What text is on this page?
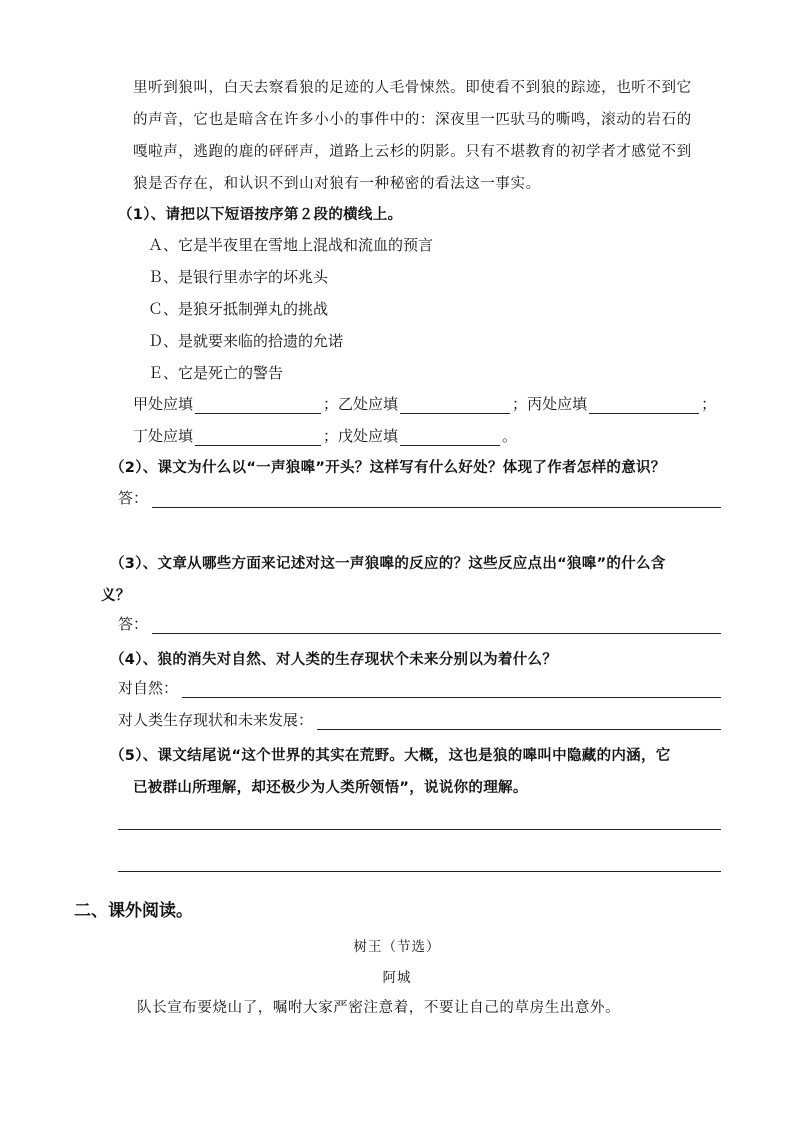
里听到狼叫，白天去察看狼的足迹的人毛骨悚然。即使看不到狼的踪迹，也听不到它

的声音，它也是暗含在许多小小的事件中的：深夜里一匹驮马的嘶鸣，滚动的岩石的

嘎啦声，逃跑的鹿的砰砰声，道路上云杉的阴影。只有不堪教育的初学者才感觉不到

狼是否存在，和认识不到山对狼有一种秘密的看法这一事实。

（1）、请把以下短语按序第２段的横线上。
Ａ、它是半夜里在雪地上混战和流血的预言
Ｂ、是银行里赤字的坏兆头
Ｃ、是狼牙抵制弹丸的挑战
Ｄ、是就要来临的拾遗的允诺
Ｅ、它是死亡的警告
甲处应填	； 乙处应填	； 丙处应填	；
丁处应填	； 戊处应填	。
（2）、课文为什么以“一声狼嗥”开头？这样写有什么好处？体现了作者怎样的意识？
答：
（3）、文章从哪些方面来记述对这一声狼嗥的反应的？这些反应点出“狼嗥”的什么含
义？
答：
（4）、狼的消失对自然、对人类的生存现状个未来分别以为着什么？
对自然：
对人类生存现状和未来发展：
（5）、课文结尾说“这个世界的其实在荒野。大概，这也是狼的嗥叫中隐藏的内涵，它
已被群山所理解，却还极少为人类所领悟”，说说你的理解。
二、课外阅读。
树王（节选）
阿城
队长宣布要烧山了，嘱咐大家严密注意着，不要让自己的草房生出意外。
